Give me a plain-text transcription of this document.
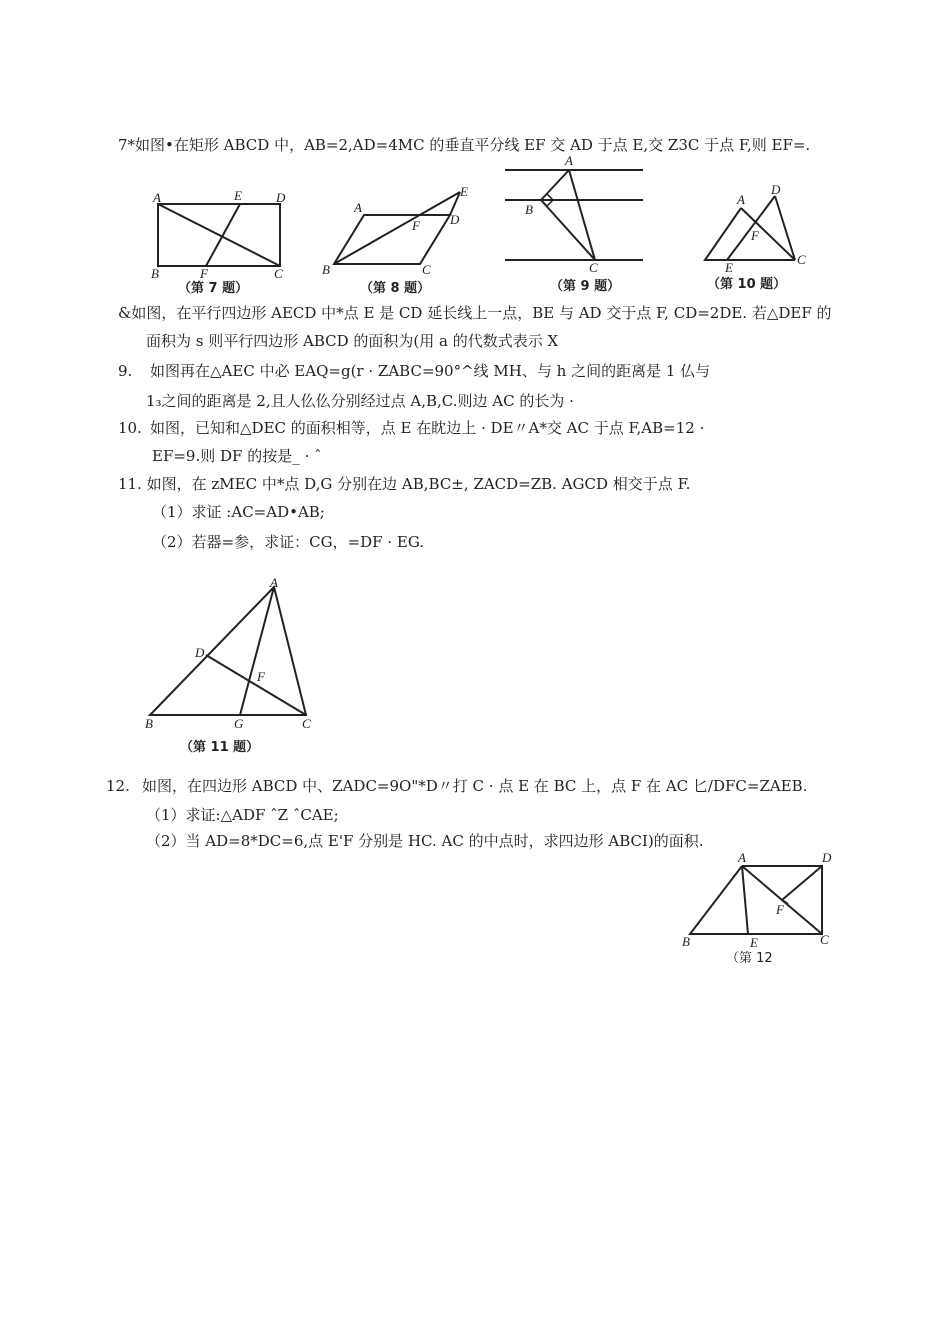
7*如图•在矩形 ABCD 中，AB=2,AD=4MC 的垂直平分线 EF 交 AD 于点 E,交 Z3C 于点 F,则 EF=.
A	E	D
B	F	C
（第 7 题）
A
E
F D
B	C
（第 8 题）
A
B
C
（第 9 题）
D
A
F
E
C
（第 10 题）
&如图，在平行四边形 AECD 中*点 E 是 CD 延长线上一点，BE 与 AD 交于点 F, CD=2DE. 若△DEF 的
面积为 s 则平行四边形 ABCD 的面积为(用 a 的代数式表示 X
9. 如图再在△AEC 中必 EAQ=g(r · ZABC=90°^线 MH、与 h 之间的距离是 1 仏与
1₃之间的距离是 2,且人仫仫分别经过点 A,B,C.则边 AC 的长为 ·
10. 如图，已知和△DEC 的面积相等，点 E 在眈边上 · DE〃A*交 AC 于点 F,AB=12 ·
EF=9.则 DF 的按是_ · ˆ
11. 如图，在 zMEC 中*点 D,G 分别在边 AB,BC±, ZACD=ZB. AGCD 相交于点 F.
（1）求证 :AC=AD•AB;
（2）若器=参，求证：CG，=DF · EG.
A
D
F
B	G	C
（第 11 题）
12. 如图，在四边形 ABCD 中、ZADC=9O"*D〃打 C · 点 E 在 BC 上，点 F 在 AC 匕/DFC=ZAEB.
（1）求证:△ADF ˆZ ˆCAE;
（2）当 AD=8*DC=6,点 E'F 分别是 HC. AC 的中点时，求四边形 ABCI)的面积.
A	D
F
B	E	C
（第 12
